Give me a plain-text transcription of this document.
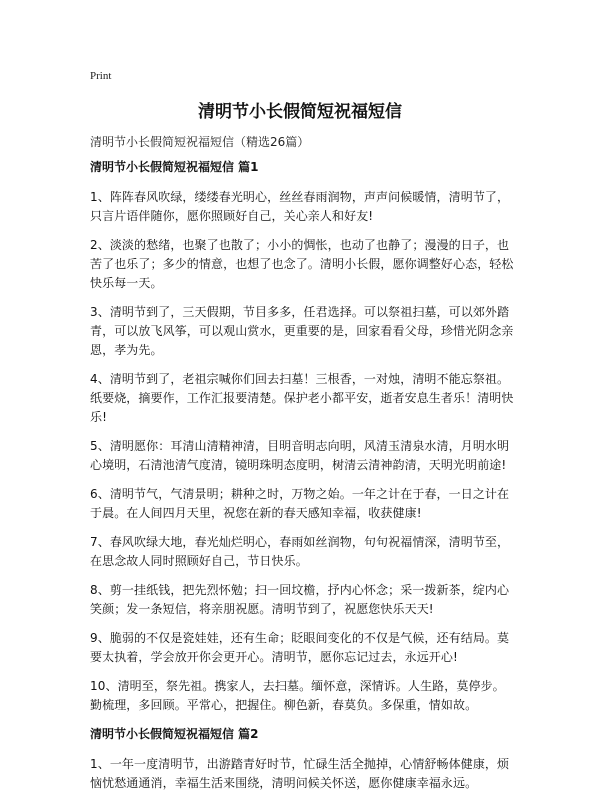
Print
清明节小长假简短祝福短信
清明节小长假简短祝福短信（精选26篇）
清明节小长假简短祝福短信 篇1

1、阵阵春风吹绿，缕缕春光明心，丝丝春雨润物，声声问候暖情，清明节了，只言片语伴随你，愿你照顾好自己，关心亲人和好友!

2、淡淡的愁绪，也聚了也散了；小小的惆怅，也动了也静了；漫漫的日子，也苦了也乐了；多少的情意，也想了也念了。清明小长假，愿你调整好心态，轻松快乐每一天。

3、清明节到了，三天假期，节目多多，任君选择。可以祭祖扫墓，可以郊外踏青，可以放飞风筝，可以观山赏水，更重要的是，回家看看父母，珍惜光阴念亲恩，孝为先。

4、清明节到了，老祖宗喊你们回去扫墓！三根香，一对烛，清明不能忘祭祖。纸要烧，摘要作，工作汇报要清楚。保护老小都平安，逝者安息生者乐！清明快乐!

5、清明愿你：耳清山清精神清，目明音明志向明，风清玉清泉水清，月明水明心境明，石清池清气度清，镜明珠明态度明，树清云清神韵清，天明光明前途!

6、清明节气，气清景明；耕种之时，万物之始。一年之计在于春，一日之计在于晨。在人间四月天里，祝您在新的春天感知幸福，收获健康!

7、春风吹绿大地，春光灿烂明心，春雨如丝润物，句句祝福情深，清明节至，在思念故人同时照顾好自己，节日快乐。

8、剪一挂纸钱，把先烈怀勉；扫一回坟檐，抒内心怀念；采一拨新茶，绽内心笑颜；发一条短信，将亲朋祝愿。清明节到了，祝愿您快乐天天!

9、脆弱的不仅是瓷娃娃，还有生命；眨眼间变化的不仅是气候，还有结局。莫要太执着，学会放开你会更开心。清明节，愿你忘记过去，永远开心!

10、清明至，祭先祖。携家人，去扫墓。缅怀意，深情诉。人生路，莫停步。勤梳理，多回顾。平常心，把握住。柳色新，春莫负。多保重，情如故。

清明节小长假简短祝福短信 篇2

1、一年一度清明节，出游踏青好时节，忙碌生活全抛掉，心情舒畅体健康，烦恼忧愁通通消，幸福生活来围绕，清明问候关怀送，愿你健康幸福永远。
